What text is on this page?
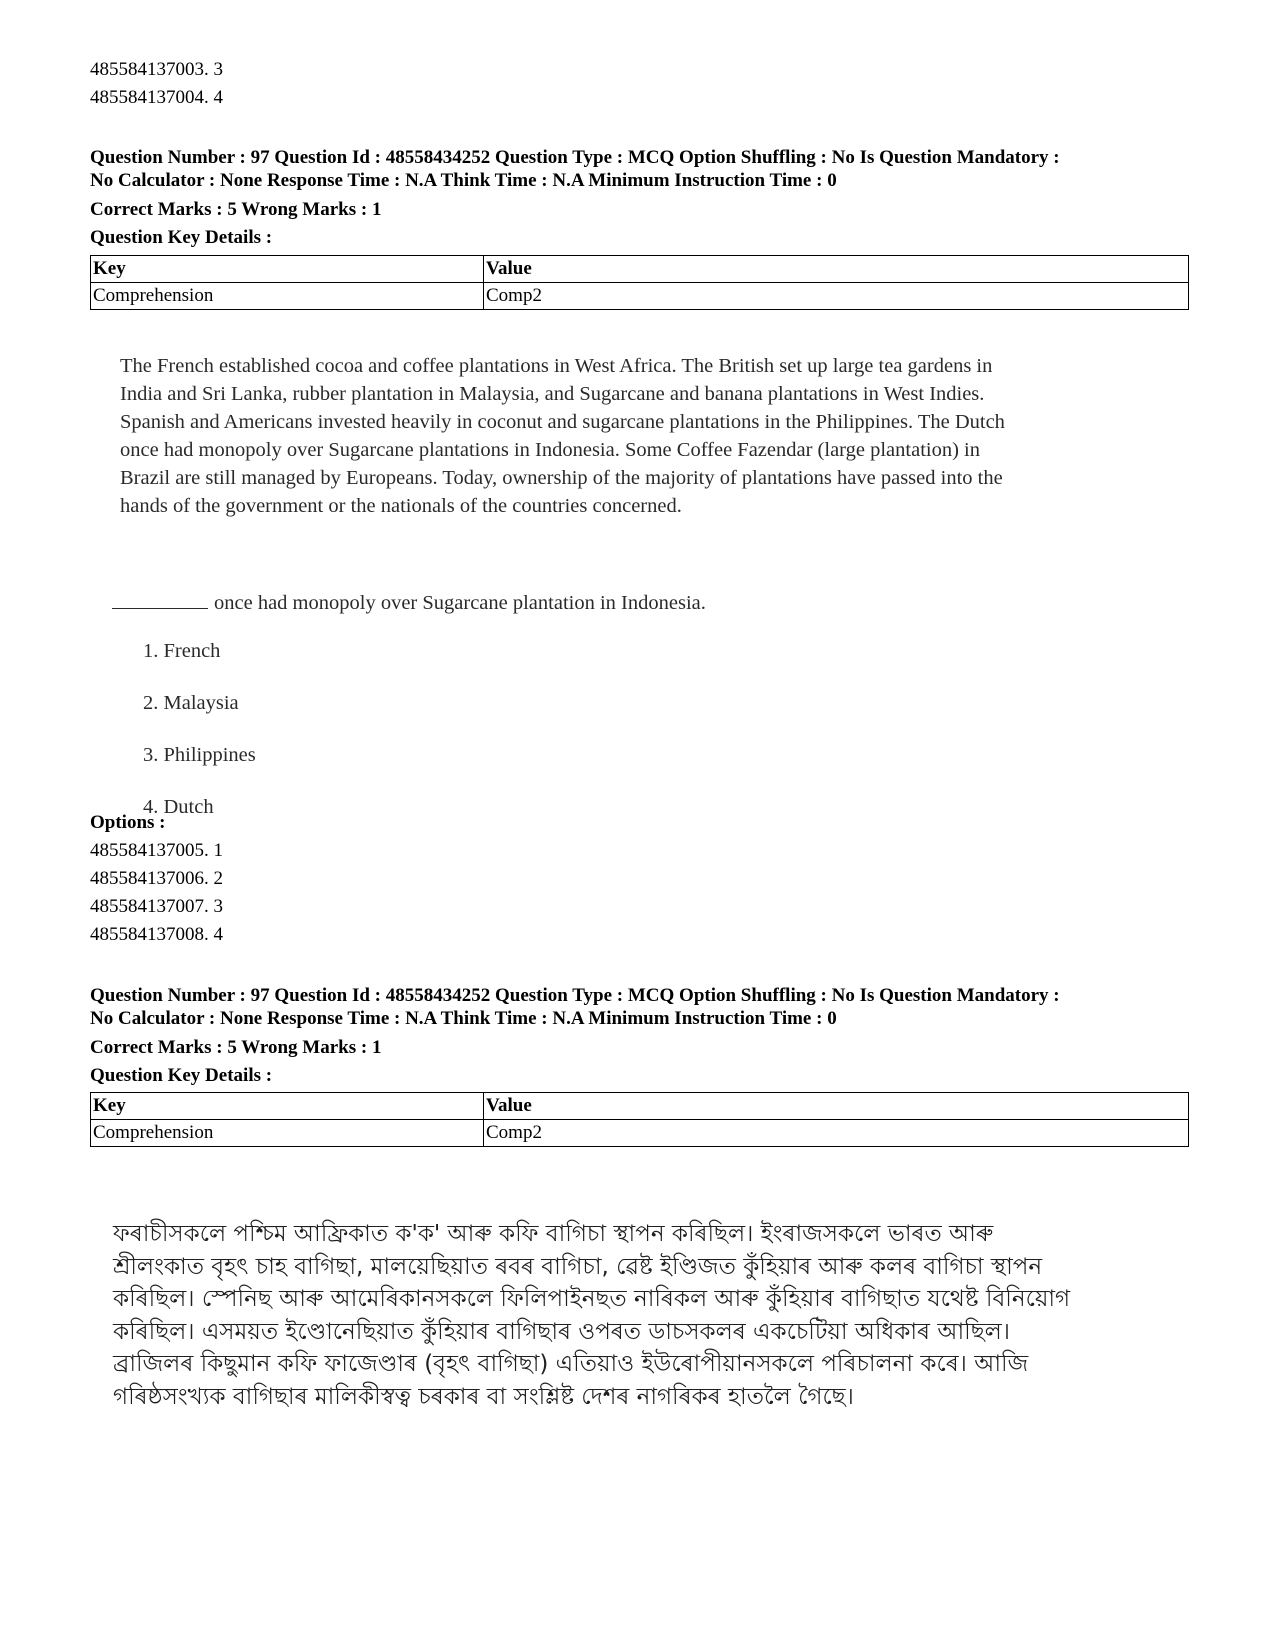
485584137003. 3
485584137004. 4
Question Number : 97 Question Id : 48558434252 Question Type : MCQ Option Shuffling : No Is Question Mandatory :
No Calculator : None Response Time : N.A Think Time : N.A Minimum Instruction Time : 0
Correct Marks : 5 Wrong Marks : 1
Question Key Details :
Key	Value
Comprehension	Comp2
The French established cocoa and coffee plantations in West Africa. The British set up large tea gardens in
India and Sri Lanka, rubber plantation in Malaysia, and Sugarcane and banana plantations in West Indies.
Spanish and Americans invested heavily in coconut and sugarcane plantations in the Philippines. The Dutch
once had monopoly over Sugarcane plantations in Indonesia. Some Coffee Fazendar (large plantation) in
Brazil are still managed by Europeans. Today, ownership of the majority of plantations have passed into the
hands of the government or the nationals of the countries concerned.
once had monopoly over Sugarcane plantation in Indonesia.
1. French
2. Malaysia
3. Philippines
4. Dutch
Options :
485584137005. 1
485584137006. 2
485584137007. 3
485584137008. 4
Question Number : 97 Question Id : 48558434252 Question Type : MCQ Option Shuffling : No Is Question Mandatory :
No Calculator : None Response Time : N.A Think Time : N.A Minimum Instruction Time : 0
Correct Marks : 5 Wrong Marks : 1
Question Key Details :
Key	Value
Comprehension	Comp2
ফৰাচীসকলে পশ্চিম আফ্ৰিকাত ক'ক' আৰু কফি বাগিচা স্থাপন কৰিছিল। ইংৰাজসকলে ভাৰত আৰু
শ্ৰীলংকাত বৃহৎ চাহ বাগিছা, মালয়েছিয়াত ৰবৰ বাগিচা, ৱেষ্ট ইণ্ডিজত কুঁহিয়াৰ আৰু কলৰ বাগিচা স্থাপন
কৰিছিল। স্পেনিছ আৰু আমেৰিকানসকলে ফিলিপাইনছত নাৰিকল আৰু কুঁহিয়াৰ বাগিছাত যথেষ্ট বিনিয়োগ
কৰিছিল। এসময়ত ইণ্ডোনেছিয়াত কুঁহিয়াৰ বাগিছাৰ ওপৰত ডাচসকলৰ একচেটিয়া অধিকাৰ আছিল।
ব্ৰাজিলৰ কিছুমান কফি ফাজেণ্ডাৰ (বৃহৎ বাগিছা) এতিয়াও ইউৰোপীয়ানসকলে পৰিচালনা কৰে। আজি
গৰিষ্ঠসংখ্যক বাগিছাৰ মালিকীস্বত্ব চৰকাৰ বা সংশ্লিষ্ট দেশৰ নাগৰিকৰ হাতলৈ গৈছে।
